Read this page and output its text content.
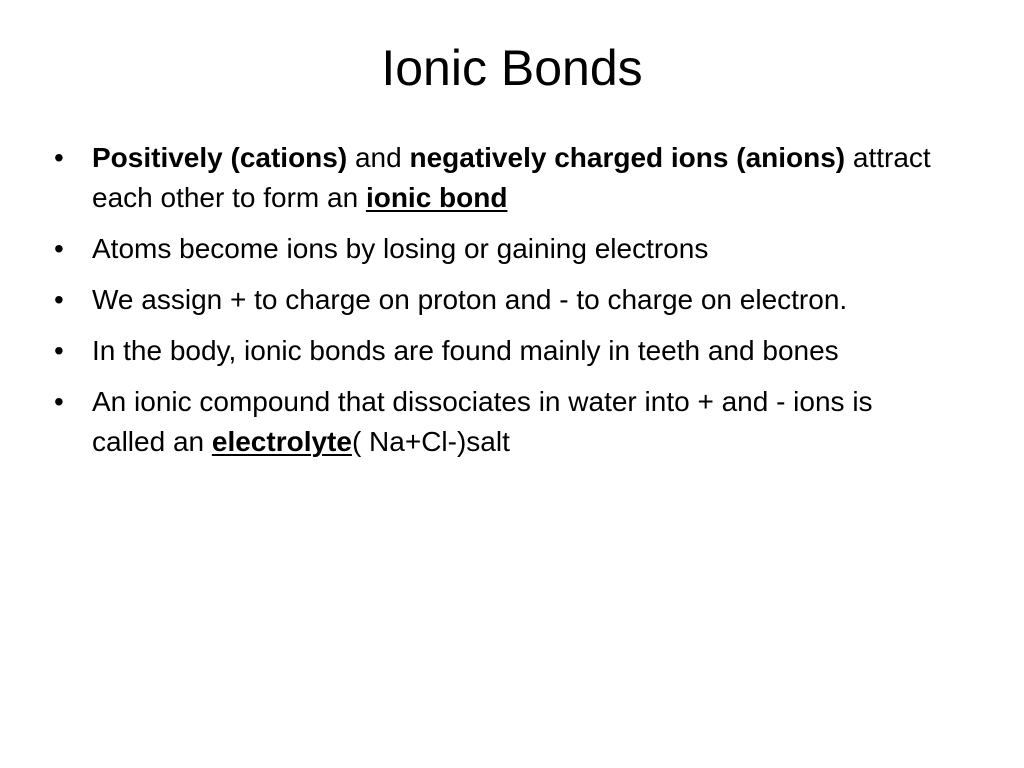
Ionic Bonds
•	Positively (cations) and negatively charged ions (anions) attract each other to form an ionic bond
•	Atoms become ions by losing or gaining electrons
•	We assign + to charge on proton and - to charge on electron.
•	In the body, ionic bonds are found mainly in teeth and bones
•	An ionic compound that dissociates in water into + and - ions is called an electrolyte( Na+Cl-)salt
